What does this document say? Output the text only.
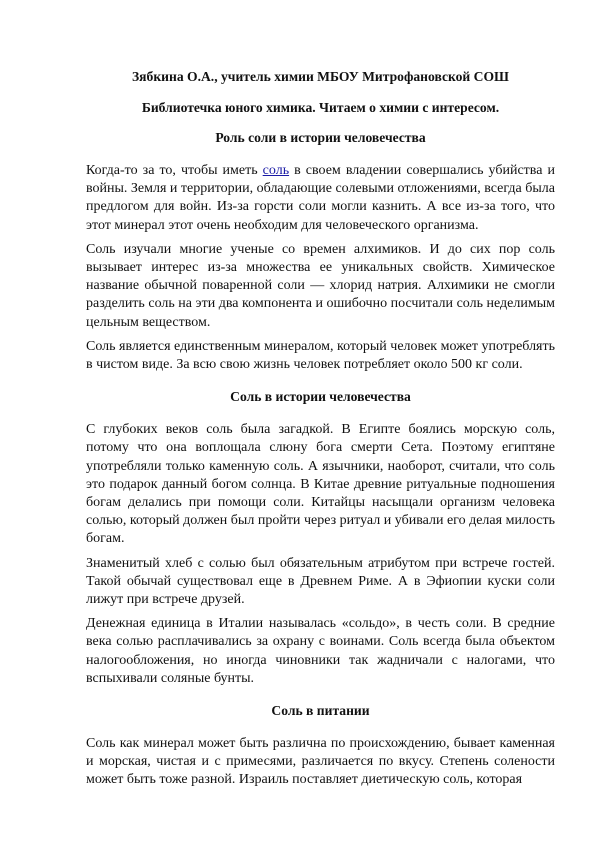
Зябкина О.А., учитель химии МБОУ Митрофановской СОШ

Библиотечка юного химика. Читаем о химии с интересом.

Роль соли в истории человечества

Когда-то за то, чтобы иметь соль в своем владении совершались убийства и войны. Земля и территории, обладающие солевыми отложениями, всегда была предлогом для войн. Из-за горсти соли могли казнить. А все из-за того, что этот минерал этот очень необходим для человеческого организма.

Соль изучали многие ученые со времен алхимиков. И до сих пор соль вызывает интерес из-за множества ее уникальных свойств. Химическое название обычной поваренной соли — хлорид натрия. Алхимики не смогли разделить соль на эти два компонента и ошибочно посчитали соль неделимым цельным веществом.

Соль является единственным минералом, который человек может употреблять в чистом виде. За всю свою жизнь человек потребляет около 500 кг соли.

Соль в истории человечества

С глубоких веков соль была загадкой. В Египте боялись морскую соль, потому что она воплощала слюну бога смерти Сета. Поэтому египтяне употребляли только каменную соль. А язычники, наоборот, считали, что соль это подарок данный богом солнца. В Китае древние ритуальные подношения богам делались при помощи соли. Китайцы насыщали организм человека солью, который должен был пройти через ритуал и убивали его делая милость богам.

Знаменитый хлеб с солью был обязательным атрибутом при встрече гостей. Такой обычай существовал еще в Древнем Риме. А в Эфиопии куски соли лижут при встрече друзей.

Денежная единица в Италии называлась «сольдо», в честь соли. В средние века солью расплачивались за охрану с воинами. Соль всегда была объектом налогообложения, но иногда чиновники так жадничали с налогами, что вспыхивали соляные бунты.

Соль в питании

Соль как минерал может быть различна по происхождению, бывает каменная и морская, чистая и с примесями, различается по вкусу. Степень солености может быть тоже разной. Израиль поставляет диетическую соль, которая
